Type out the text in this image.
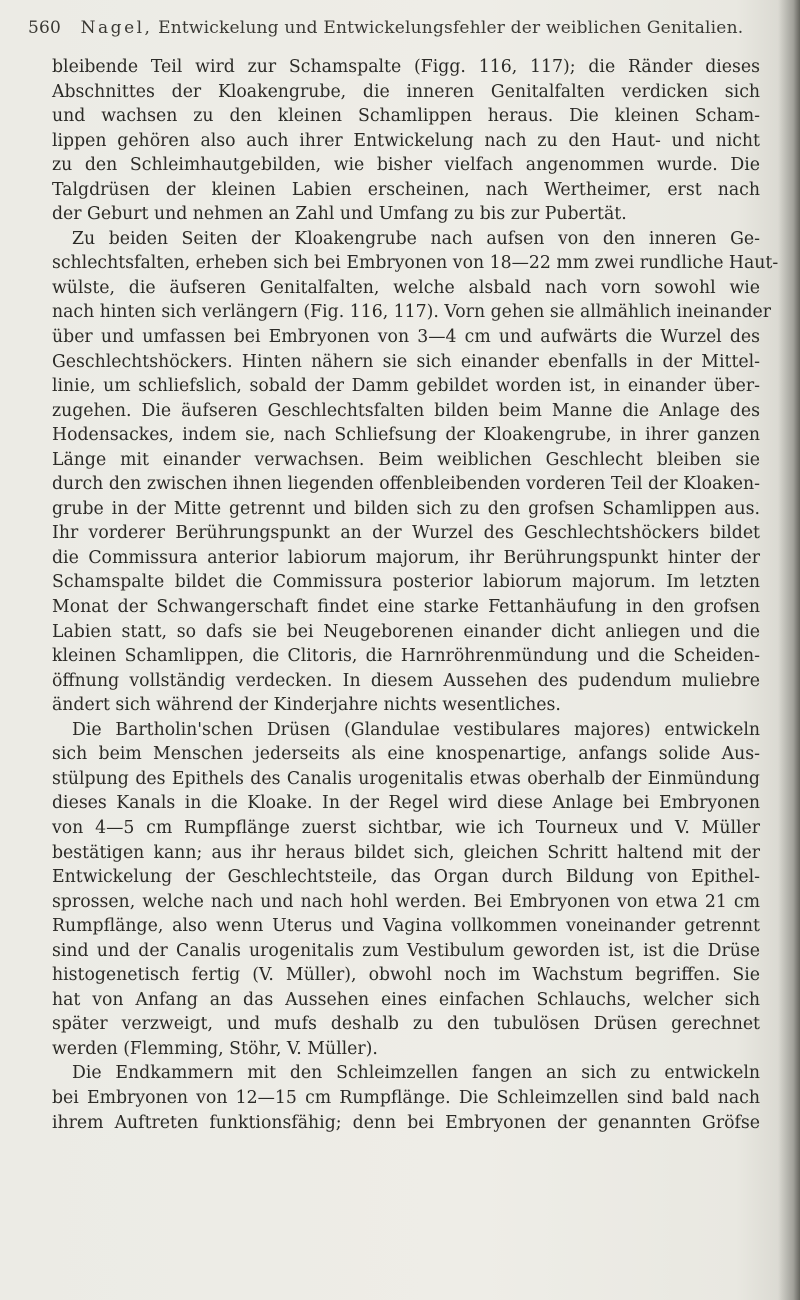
560 Nagel, Entwickelung und Entwickelungsfehler der weiblichen Genitalien.
bleibende Teil wird zur Schamspalte (Figg. 116, 117); die Ränder dieses
Abschnittes der Kloakengrube, die inneren Genitalfalten verdicken sich
und wachsen zu den kleinen Schamlippen heraus. Die kleinen Scham-
lippen gehören also auch ihrer Entwickelung nach zu den Haut- und nicht
zu den Schleimhautgebilden, wie bisher vielfach angenommen wurde. Die
Talgdrüsen der kleinen Labien erscheinen, nach Wertheimer, erst nach
der Geburt und nehmen an Zahl und Umfang zu bis zur Pubertät.
Zu beiden Seiten der Kloakengrube nach aufsen von den inneren Ge-
schlechtsfalten, erheben sich bei Embryonen von 18—22 mm zwei rundliche Haut-
wülste, die äufseren Genitalfalten, welche alsbald nach vorn sowohl wie
nach hinten sich verlängern (Fig. 116, 117). Vorn gehen sie allmählich ineinander
über und umfassen bei Embryonen von 3—4 cm und aufwärts die Wurzel des
Geschlechtshöckers. Hinten nähern sie sich einander ebenfalls in der Mittel-
linie, um schliefslich, sobald der Damm gebildet worden ist, in einander über-
zugehen. Die äufseren Geschlechtsfalten bilden beim Manne die Anlage des
Hodensackes, indem sie, nach Schliefsung der Kloakengrube, in ihrer ganzen
Länge mit einander verwachsen. Beim weiblichen Geschlecht bleiben sie
durch den zwischen ihnen liegenden offenbleibenden vorderen Teil der Kloaken-
grube in der Mitte getrennt und bilden sich zu den grofsen Schamlippen aus.
Ihr vorderer Berührungspunkt an der Wurzel des Geschlechtshöckers bildet
die Commissura anterior labiorum majorum, ihr Berührungspunkt hinter der
Schamspalte bildet die Commissura posterior labiorum majorum. Im letzten
Monat der Schwangerschaft findet eine starke Fettanhäufung in den grofsen
Labien statt, so dafs sie bei Neugeborenen einander dicht anliegen und die
kleinen Schamlippen, die Clitoris, die Harnröhrenmündung und die Scheiden-
öffnung vollständig verdecken. In diesem Aussehen des pudendum muliebre
ändert sich während der Kinderjahre nichts wesentliches.
Die Bartholin'schen Drüsen (Glandulae vestibulares majores) entwickeln
sich beim Menschen jederseits als eine knospenartige, anfangs solide Aus-
stülpung des Epithels des Canalis urogenitalis etwas oberhalb der Einmündung
dieses Kanals in die Kloake. In der Regel wird diese Anlage bei Embryonen
von 4—5 cm Rumpflänge zuerst sichtbar, wie ich Tourneux und V. Müller
bestätigen kann; aus ihr heraus bildet sich, gleichen Schritt haltend mit der
Entwickelung der Geschlechtsteile, das Organ durch Bildung von Epithel-
sprossen, welche nach und nach hohl werden. Bei Embryonen von etwa 21 cm
Rumpflänge, also wenn Uterus und Vagina vollkommen voneinander getrennt
sind und der Canalis urogenitalis zum Vestibulum geworden ist, ist die Drüse
histogenetisch fertig (V. Müller), obwohl noch im Wachstum begriffen. Sie
hat von Anfang an das Aussehen eines einfachen Schlauchs, welcher sich
später verzweigt, und mufs deshalb zu den tubulösen Drüsen gerechnet
werden (Flemming, Stöhr, V. Müller).
Die Endkammern mit den Schleimzellen fangen an sich zu entwickeln
bei Embryonen von 12—15 cm Rumpflänge. Die Schleimzellen sind bald nach
ihrem Auftreten funktionsfähig; denn bei Embryonen der genannten Gröfse
